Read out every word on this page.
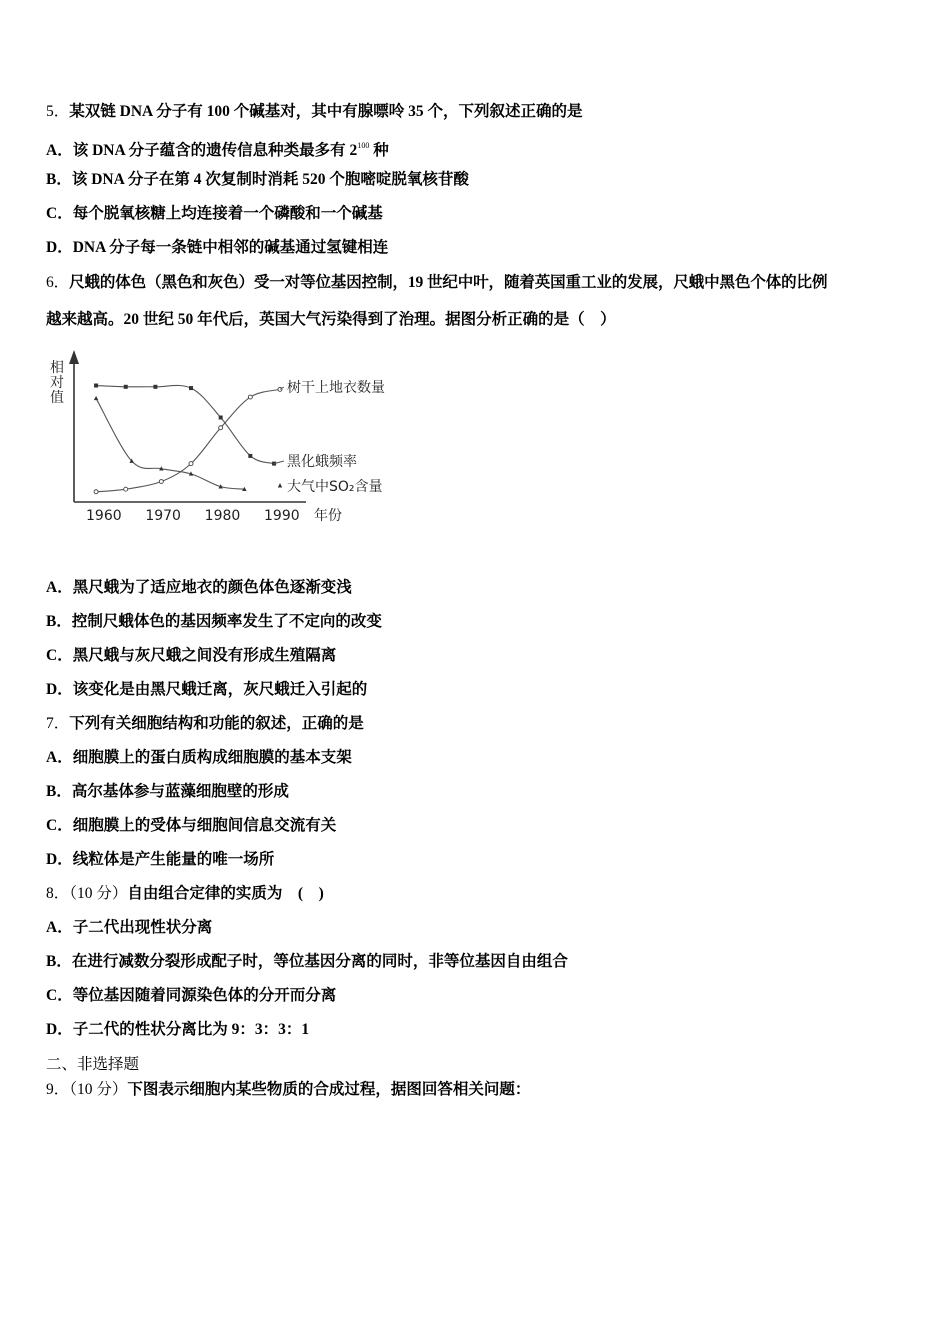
5．某双链 DNA 分子有 100 个碱基对，其中有腺嘌呤 35 个，下列叙述正确的是
A．该 DNA 分子蕴含的遗传信息种类最多有 $2^{100}$ 种
B．该 DNA 分子在第 4 次复制时消耗 520 个胞嘧啶脱氧核苷酸
C．每个脱氧核糖上均连接着一个磷酸和一个碱基
D．DNA 分子每一条链中相邻的碱基通过氢键相连
6．尺蛾的体色（黑色和灰色）受一对等位基因控制，19 世纪中叶，随着英国重工业的发展，尺蛾中黑色个体的比例
越来越高。20 世纪 50 年代后，英国大气污染得到了治理。据图分析正确的是（　）
相
对
值
1960 1970 1980 1990 年份
树干上地衣数量
黑化蛾频率
大气中SO₂含量
A．黑尺蛾为了适应地衣的颜色体色逐渐变浅
B．控制尺蛾体色的基因频率发生了不定向的改变
C．黑尺蛾与灰尺蛾之间没有形成生殖隔离
D．该变化是由黑尺蛾迁离，灰尺蛾迁入引起的
7．下列有关细胞结构和功能的叙述，正确的是
A．细胞膜上的蛋白质构成细胞膜的基本支架
B．高尔基体参与蓝藻细胞壁的形成
C．细胞膜上的受体与细胞间信息交流有关
D．线粒体是产生能量的唯一场所
8．（10 分）自由组合定律的实质为　(　)
A．子二代出现性状分离
B．在进行减数分裂形成配子时，等位基因分离的同时，非等位基因自由组合
C．等位基因随着同源染色体的分开而分离
D．子二代的性状分离比为 9：3：3：1
二、非选择题
9．（10 分）下图表示细胞内某些物质的合成过程，据图回答相关问题：
